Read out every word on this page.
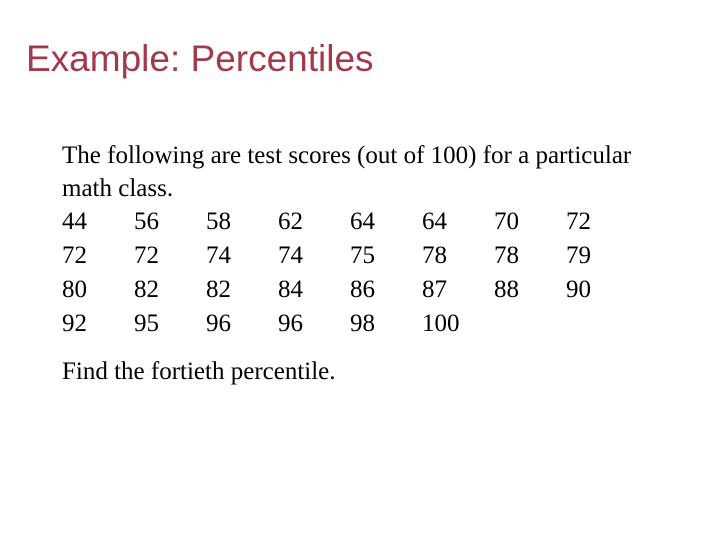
Example: Percentiles

The following are test scores (out of 100) for a particular math class.

44	56	58	62	64	64	70	72
72	72	74	74	75	78	78	79
80	82	82	84	86	87	88	90
92	95	96	96	98	100

Find the fortieth percentile.
